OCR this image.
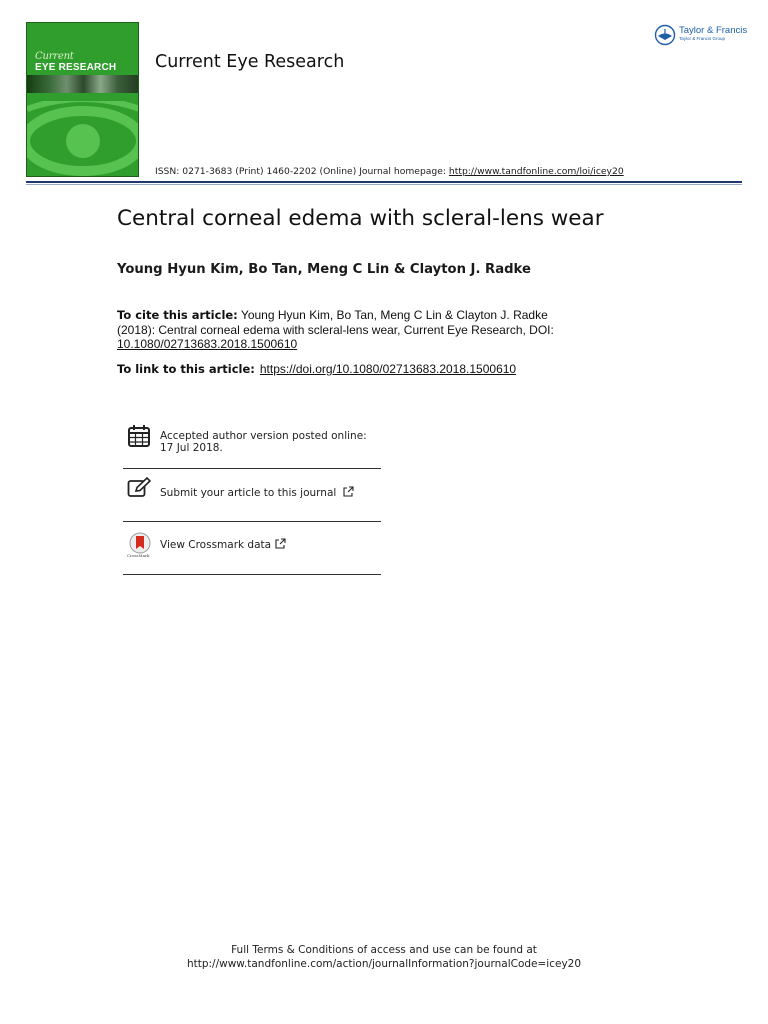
Current
EYE RESEARCH Current Eye Research
ISSN: 0271-3683 (Print) 1460-2202 (Online) Journal homepage: http://www.tandfonline.com/loi/icey20
Taylor & Francis
Taylor & Francis Group
Central corneal edema with scleral-lens wear
Young Hyun Kim, Bo Tan, Meng C Lin & Clayton J. Radke
To cite this article: Young Hyun Kim, Bo Tan, Meng C Lin & Clayton J. Radke (2018): Central corneal edema with scleral-lens wear, Current Eye Research, DOI: 10.1080/02713683.2018.1500610
To link to this article: https://doi.org/10.1080/02713683.2018.1500610
Accepted author version posted online: 17 Jul 2018.
Submit your article to this journal
CrossMark
View Crossmark data
Full Terms & Conditions of access and use can be found at
http://www.tandfonline.com/action/journalInformation?journalCode=icey20
